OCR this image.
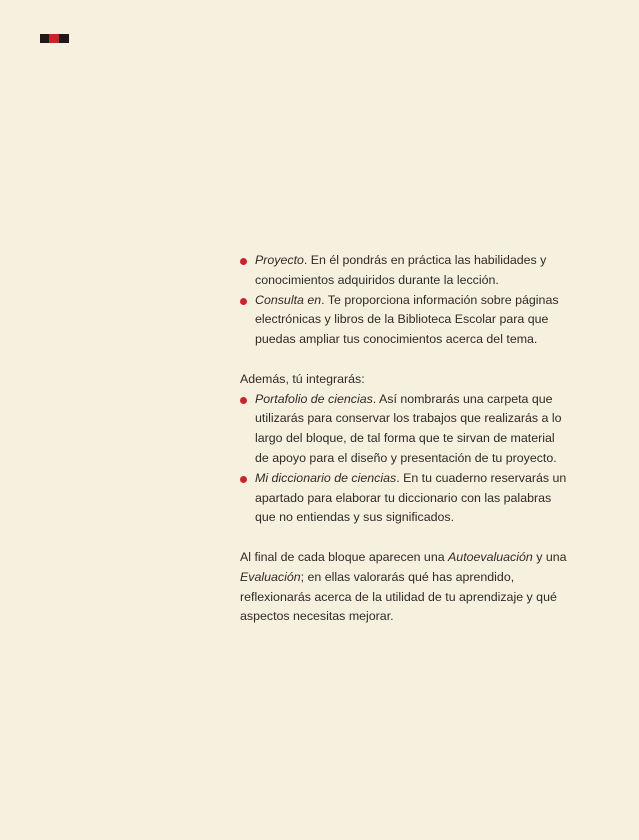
Proyecto. En él pondrás en práctica las habilidades y conocimientos adquiridos durante la lección.
Consulta en. Te proporciona información sobre páginas electrónicas y libros de la Biblioteca Escolar para que puedas ampliar tus conocimientos acerca del tema.

Además, tú integrarás:

Portafolio de ciencias. Así nombrarás una carpeta que utilizarás para conservar los trabajos que realizarás a lo largo del bloque, de tal forma que te sirvan de material de apoyo para el diseño y presentación de tu proyecto.
Mi diccionario de ciencias. En tu cuaderno reservarás un apartado para elaborar tu diccionario con las palabras que no entiendas y sus significados.

Al final de cada bloque aparecen una Autoevaluación y una Evaluación; en ellas valorarás qué has aprendido, reflexionarás acerca de la utilidad de tu aprendizaje y qué aspectos necesitas mejorar.
